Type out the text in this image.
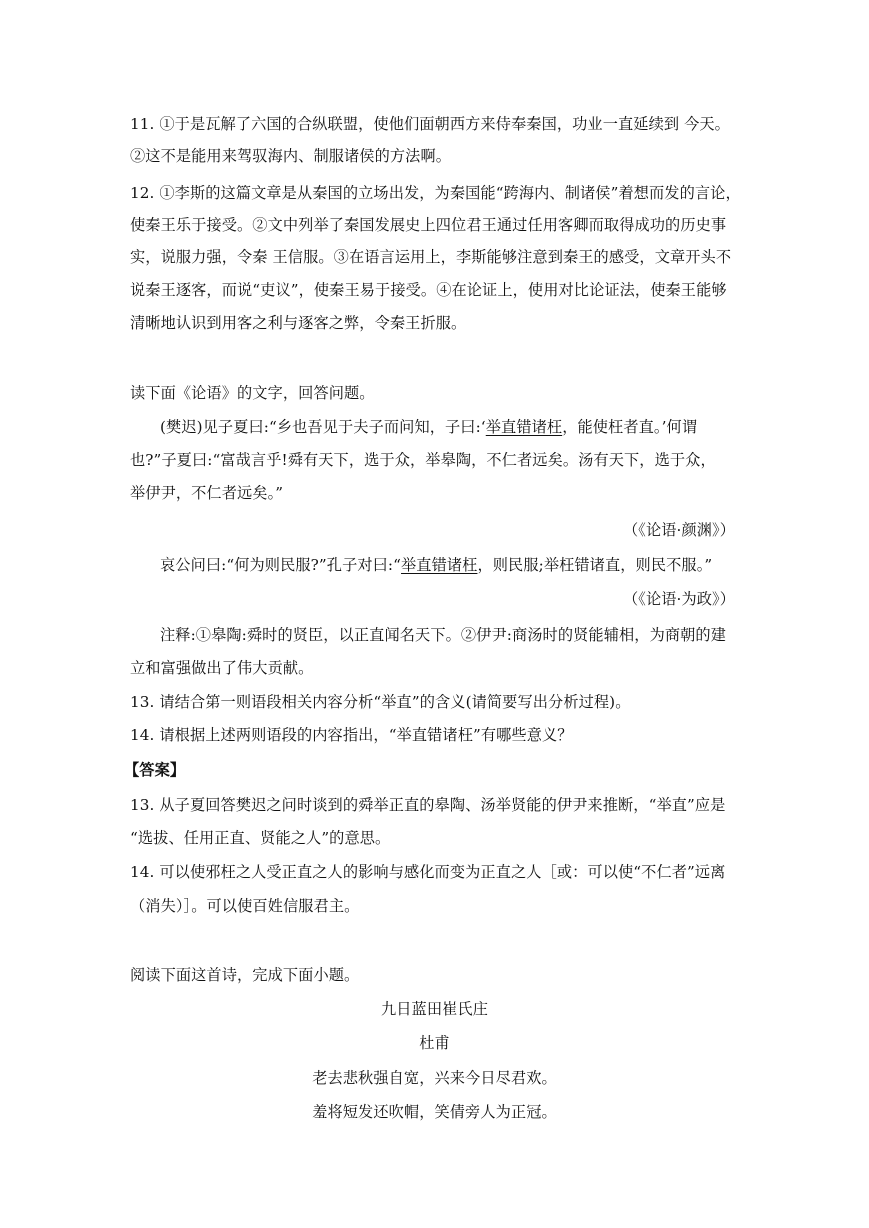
11. ①于是瓦解了六国的合纵联盟，使他们面朝西方来侍奉秦国，功业一直延续到 今天。
②这不是能用来驾驭海内、制服诸侯的方法啊。
12. ①李斯的这篇文章是从秦国的立场出发，为秦国能“跨海内、制诸侯”着想而发的言论，
使秦王乐于接受。②文中列举了秦国发展史上四位君王通过任用客卿而取得成功的历史事
实，说服力强，令秦 王信服。③在语言运用上，李斯能够注意到秦王的感受，文章开头不
说秦王逐客，而说“吏议”，使秦王易于接受。④在论证上，使用对比论证法，使秦王能够
清晰地认识到用客之利与逐客之弊，令秦王折服。
读下面《论语》的文字，回答问题。
(樊迟)见子夏曰:“乡也吾见于夫子而问知，子曰:‘举直错诸枉，能使枉者直。’何谓
也?”子夏曰:“富哉言乎!舜有天下，选于众，举皋陶，不仁者远矣。汤有天下，选于众，
举伊尹，不仁者远矣。”
（《论语·颜渊》）
哀公问曰:“何为则民服?”孔子对曰:“举直错诸枉，则民服;举枉错诸直，则民不服。”
（《论语·为政》）
注释:①皋陶:舜时的贤臣，以正直闻名天下。②伊尹:商汤时的贤能辅相，为商朝的建
立和富强做出了伟大贡献。
13. 请结合第一则语段相关内容分析“举直”的含义(请简要写出分析过程)。
14. 请根据上述两则语段的内容指出，“举直错诸枉”有哪些意义？
【答案】
13. 从子夏回答樊迟之问时谈到的舜举正直的皋陶、汤举贤能的伊尹来推断，“举直”应是
“选拔、任用正直、贤能之人”的意思。
14. 可以使邪枉之人受正直之人的影响与感化而变为正直之人［或：可以使“不仁者”远离
（消失）］。可以使百姓信服君主。
阅读下面这首诗，完成下面小题。
九日蓝田崔氏庄
杜甫
老去悲秋强自宽，兴来今日尽君欢。
羞将短发还吹帽，笑倩旁人为正冠。
